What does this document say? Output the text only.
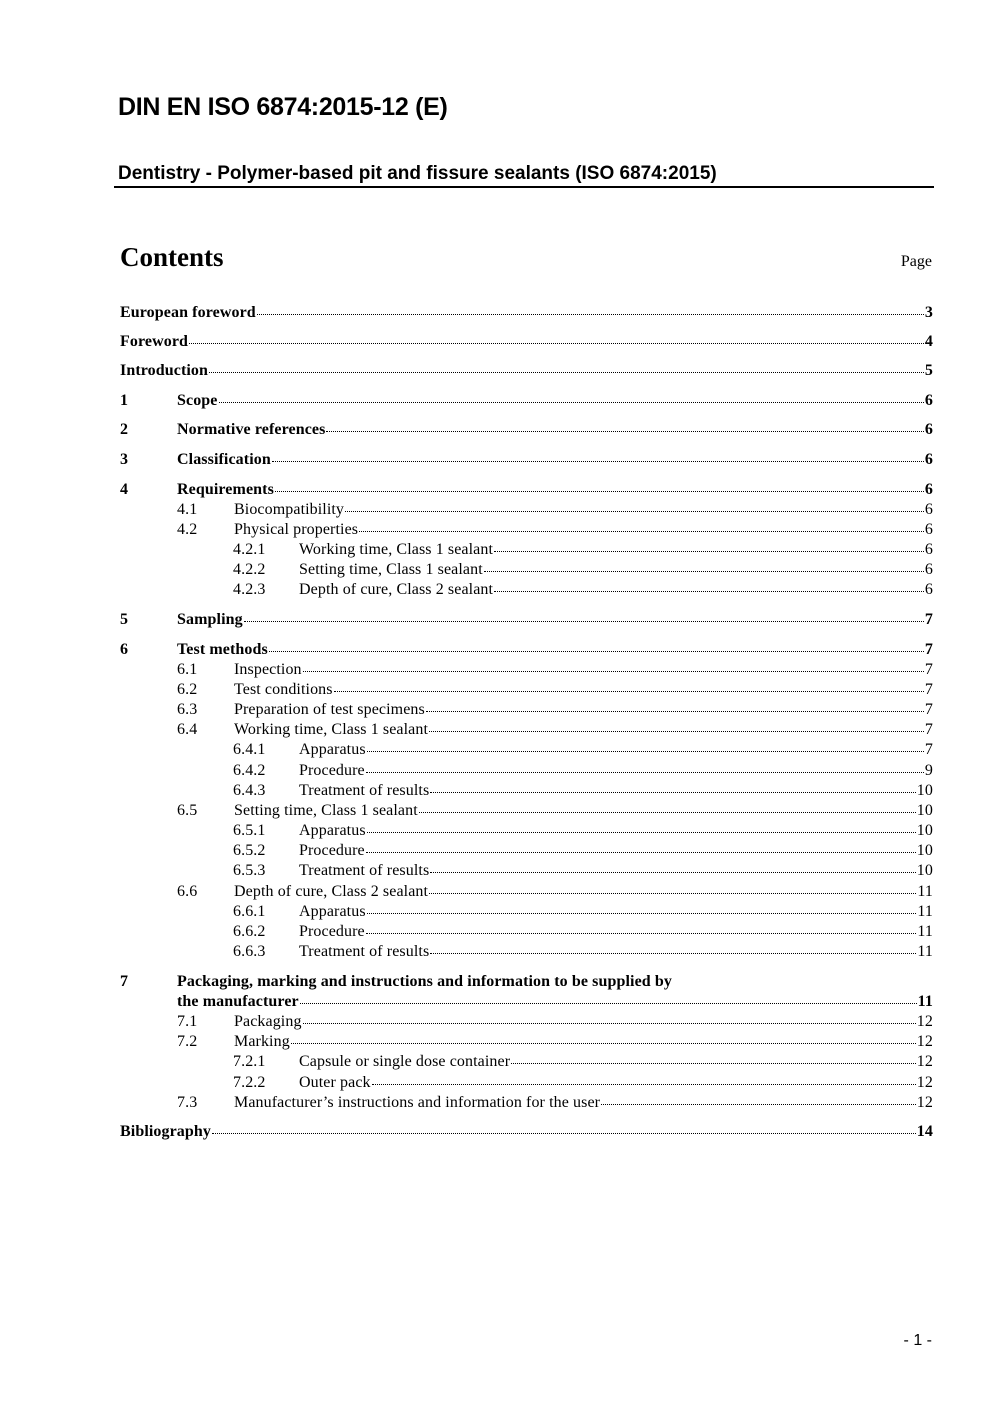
DIN EN ISO 6874:2015-12 (E)
Dentistry - Polymer-based pit and fissure sealants (ISO 6874:2015)
Contents	Page
European foreword	3
Foreword	4
Introduction	5
1	Scope	6
2	Normative references	6
3	Classification	6
4	Requirements	6
4.1	Biocompatibility	6
4.2	Physical properties	6
4.2.1	Working time, Class 1 sealant	6
4.2.2	Setting time, Class 1 sealant	6
4.2.3	Depth of cure, Class 2 sealant	6
5	Sampling	7
6	Test methods	7
6.1	Inspection	7
6.2	Test conditions	7
6.3	Preparation of test specimens	7
6.4	Working time, Class 1 sealant	7
6.4.1	Apparatus	7
6.4.2	Procedure	9
6.4.3	Treatment of results	10
6.5	Setting time, Class 1 sealant	10
6.5.1	Apparatus	10
6.5.2	Procedure	10
6.5.3	Treatment of results	10
6.6	Depth of cure, Class 2 sealant	11
6.6.1	Apparatus	11
6.6.2	Procedure	11
6.6.3	Treatment of results	11
7	Packaging, marking and instructions and information to be supplied by
the manufacturer	11
7.1	Packaging	12
7.2	Marking	12
7.2.1	Capsule or single dose container	12
7.2.2	Outer pack	12
7.3	Manufacturer’s instructions and information for the user	12
Bibliography	14
- 1 -
